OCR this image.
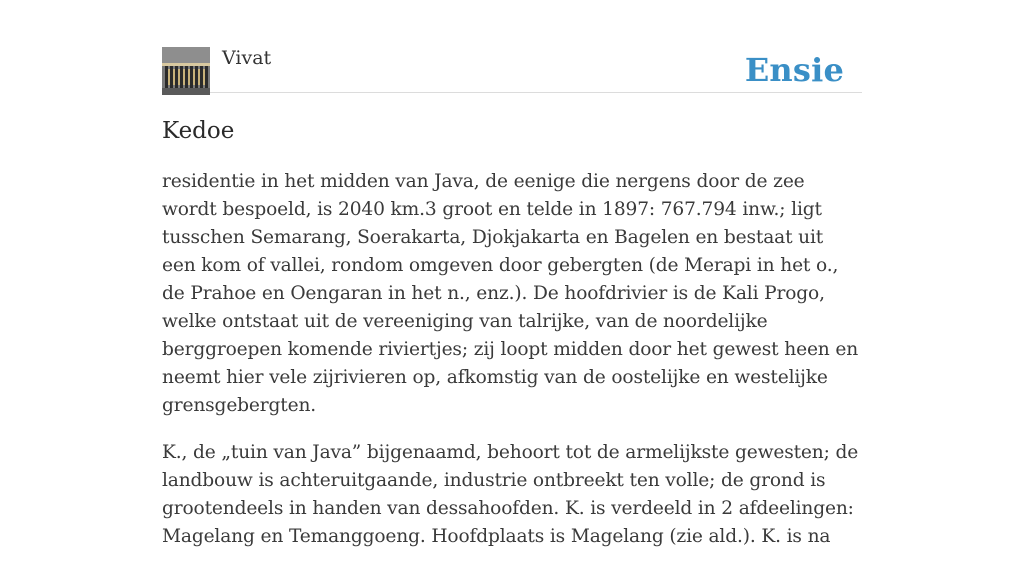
Vivat	Ensie
Kedoe

residentie in het midden van Java, de eenige die nergens door de zee wordt bespoeld, is 2040 km.3 groot en telde in 1897: 767.794 inw.; ligt tusschen Semarang, Soerakarta, Djokjakarta en Bagelen en bestaat uit een kom of vallei, rondom omgeven door gebergten (de Merapi in het o., de Prahoe en Oengaran in het n., enz.). De hoofdrivier is de Kali Progo, welke ontstaat uit de vereeniging van talrijke, van de noordelijke berggroepen komende riviertjes; zij loopt midden door het gewest heen en neemt hier vele zijrivieren op, afkomstig van de oostelijke en westelijke grensgebergten.

K., de „tuin van Java” bijgenaamd, behoort tot de armelijkste gewesten; de landbouw is achteruitgaande, industrie ontbreekt ten volle; de grond is grootendeels in handen van dessahoofden. K. is verdeeld in 2 afdeelingen: Magelang en Temanggoeng. Hoofdplaats is Magelang (zie ald.). K. is na
